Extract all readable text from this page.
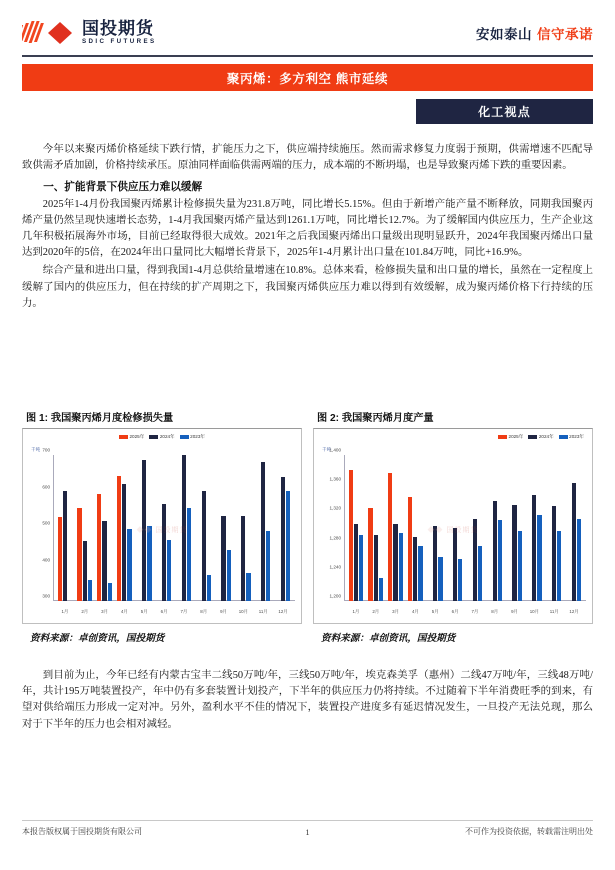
国投期货
SDIC FUTURES	安如泰山 信守承诺
聚丙烯：多方利空 熊市延续
化工视点

今年以来聚丙烯价格延续下跌行情，扩能压力之下，供应端持续施压。然而需求修复力度弱于预期，供需增速不匹配导致供需矛盾加剧，价格持续承压。原油同样面临供需两端的压力，成本端的不断坍塌，也是导致聚丙烯下跌的重要因素。

一、扩能背景下供应压力难以缓解

2025年1-4月份我国聚丙烯累计检修损失量为231.8万吨，同比增长5.15%。但由于新增产能产量不断释放，同期我国聚丙烯产量仍然呈现快速增长态势，1-4月我国聚丙烯产量达到1261.1万吨，同比增长12.7%。为了缓解国内供应压力，生产企业这几年积极拓展海外市场，目前已经取得很大成效。2021年之后我国聚丙烯出口量级出现明显跃升，2024年我国聚丙烯出口量达到2020年的5倍，在2024年出口量同比大幅增长背景下，2025年1-4月累计出口量在101.84万吨，同比+16.9%。

综合产量和进出口量，得到我国1-4月总供给量增速在10.8%。总体来看，检修损失量和出口量的增长，虽然在一定程度上缓解了国内的供应压力，但在持续的扩产周期之下，我国聚丙烯供应压力难以得到有效缓解，成为聚丙烯价格下行持续的压力。

图 1: 我国聚丙烯月度检修损失量
2025年	2024年	2023年
千吨
300
400
500
600
700
1月	2月	3月	4月	5月	6月	7月	8月	9月	10月	11月	12月
◆◆ 国投期货
资料来源：卓创资讯，国投期货
图 2: 我国聚丙烯月度产量
2025年	2024年	2023年
千吨
1,200
1,240
1,280
1,320
1,360
1,400
1月	2月	3月	4月	5月	6月	7月	8月	9月	10月	11月	12月
◆◆ 国投期货
资料来源：卓创资讯，国投期货

到目前为止，今年已经有内蒙古宝丰二线50万吨/年，三线50万吨/年，埃克森美孚（惠州）二线47万吨/年，三线48万吨/年，共计195万吨装置投产，年中仍有多套装置计划投产，下半年的供应压力仍将持续。不过随着下半年消费旺季的到来，有望对供给端压力形成一定对冲。另外，盈利水平不佳的情况下，装置投产进度多有延迟情况发生，一旦投产无法兑现，那么对于下半年的压力也会相对减轻。

本报告版权属于国投期货有限公司	1	不可作为投资依据，转载需注明出处
